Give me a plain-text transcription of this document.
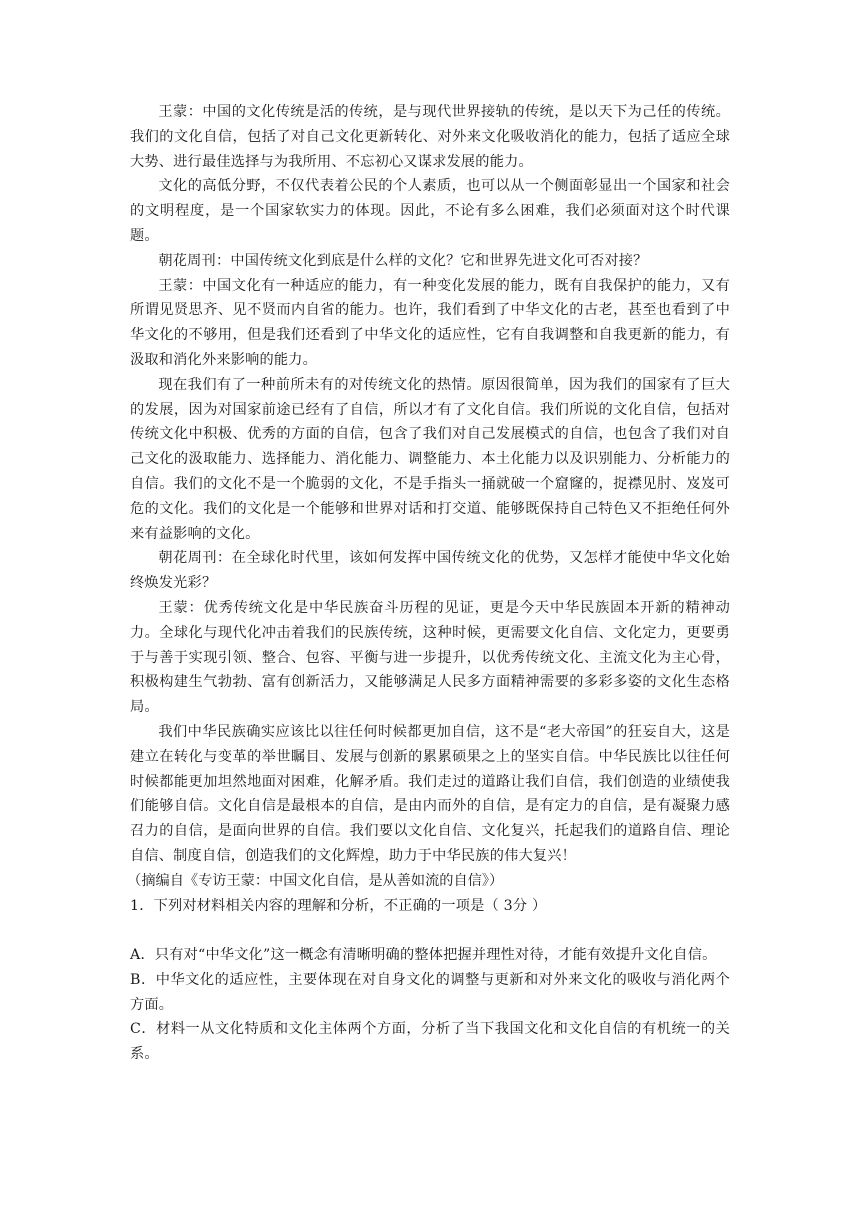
王蒙：中国的文化传统是活的传统，是与现代世界接轨的传统，是以天下为己任的传统。我们的文化自信，包括了对自己文化更新转化、对外来文化吸收消化的能力，包括了适应全球大势、进行最佳选择与为我所用、不忘初心又谋求发展的能力。

文化的高低分野，不仅代表着公民的个人素质，也可以从一个侧面彰显出一个国家和社会的文明程度，是一个国家软实力的体现。因此，不论有多么困难，我们必须面对这个时代课题。

朝花周刊：中国传统文化到底是什么样的文化？它和世界先进文化可否对接？

王蒙：中国文化有一种适应的能力，有一种变化发展的能力，既有自我保护的能力，又有所谓见贤思齐、见不贤而内自省的能力。也许，我们看到了中华文化的古老，甚至也看到了中华文化的不够用，但是我们还看到了中华文化的适应性，它有自我调整和自我更新的能力，有汲取和消化外来影响的能力。

现在我们有了一种前所未有的对传统文化的热情。原因很简单，因为我们的国家有了巨大的发展，因为对国家前途已经有了自信，所以才有了文化自信。我们所说的文化自信，包括对传统文化中积极、优秀的方面的自信，包含了我们对自己发展模式的自信，也包含了我们对自己文化的汲取能力、选择能力、消化能力、调整能力、本土化能力以及识别能力、分析能力的自信。我们的文化不是一个脆弱的文化，不是手指头一捅就破一个窟窿的，捉襟见肘、岌岌可危的文化。我们的文化是一个能够和世界对话和打交道、能够既保持自己特色又不拒绝任何外来有益影响的文化。

朝花周刊：在全球化时代里，该如何发挥中国传统文化的优势，又怎样才能使中华文化始终焕发光彩？

王蒙：优秀传统文化是中华民族奋斗历程的见证，更是今天中华民族固本开新的精神动力。全球化与现代化冲击着我们的民族传统，这种时候，更需要文化自信、文化定力，更要勇于与善于实现引领、整合、包容、平衡与进一步提升，以优秀传统文化、主流文化为主心骨，积极构建生气勃勃、富有创新活力，又能够满足人民多方面精神需要的多彩多姿的文化生态格局。

我们中华民族确实应该比以往任何时候都更加自信，这不是“老大帝国”的狂妄自大，这是建立在转化与变革的举世瞩目、发展与创新的累累硕果之上的坚实自信。中华民族比以往任何时候都能更加坦然地面对困难，化解矛盾。我们走过的道路让我们自信，我们创造的业绩使我们能够自信。文化自信是最根本的自信，是由内而外的自信，是有定力的自信，是有凝聚力感召力的自信，是面向世界的自信。我们要以文化自信、文化复兴，托起我们的道路自信、理论自信、制度自信，创造我们的文化辉煌，助力于中华民族的伟大复兴！

（摘编自《专访王蒙：中国文化自信，是从善如流的自信》）

1．下列对材料相关内容的理解和分析，不正确的一项是（ 3分 ）

A．只有对“中华文化”这一概念有清晰明确的整体把握并理性对待，才能有效提升文化自信。

B．中华文化的适应性，主要体现在对自身文化的调整与更新和对外来文化的吸收与消化两个方面。

C．材料一从文化特质和文化主体两个方面，分析了当下我国文化和文化自信的有机统一的关系。
